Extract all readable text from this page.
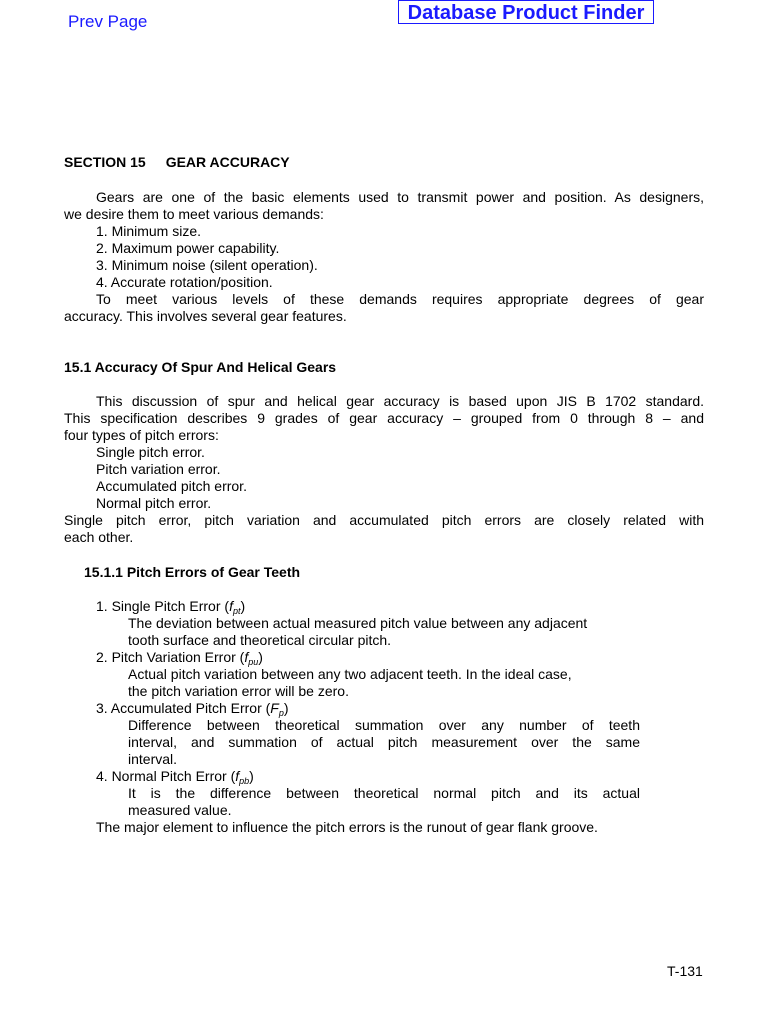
Prev Page	Database Product Finder
SECTION 15 GEAR ACCURACY
Gears are one of the basic elements used to transmit power and position. As designers,
we desire them to meet various demands:
1. Minimum size.
2. Maximum power capability.
3. Minimum noise (silent operation).
4. Accurate rotation/position.
To meet various levels of these demands requires appropriate degrees of gear
accuracy. This involves several gear features.
15.1 Accuracy Of Spur And Helical Gears
This discussion of spur and helical gear accuracy is based upon JIS B 1702 standard.
This specification describes 9 grades of gear accuracy – grouped from 0 through 8 – and
four types of pitch errors:
Single pitch error.
Pitch variation error.
Accumulated pitch error.
Normal pitch error.
Single pitch error, pitch variation and accumulated pitch errors are closely related with
each other.
15.1.1 Pitch Errors of Gear Teeth
1. Single Pitch Error $(f_{pt})$
The deviation between actual measured pitch value between any adjacent
tooth surface and theoretical circular pitch.
2. Pitch Variation Error $(f_{pu})$
Actual pitch variation between any two adjacent teeth. In the ideal case,
the pitch variation error will be zero.
3. Accumulated Pitch Error $(F_p)$
Difference between theoretical summation over any number of teeth
interval, and summation of actual pitch measurement over the same
interval.
4. Normal Pitch Error $(f_{pb})$
It is the difference between theoretical normal pitch and its actual
measured value.
The major element to influence the pitch errors is the runout of gear flank groove.
T-131
